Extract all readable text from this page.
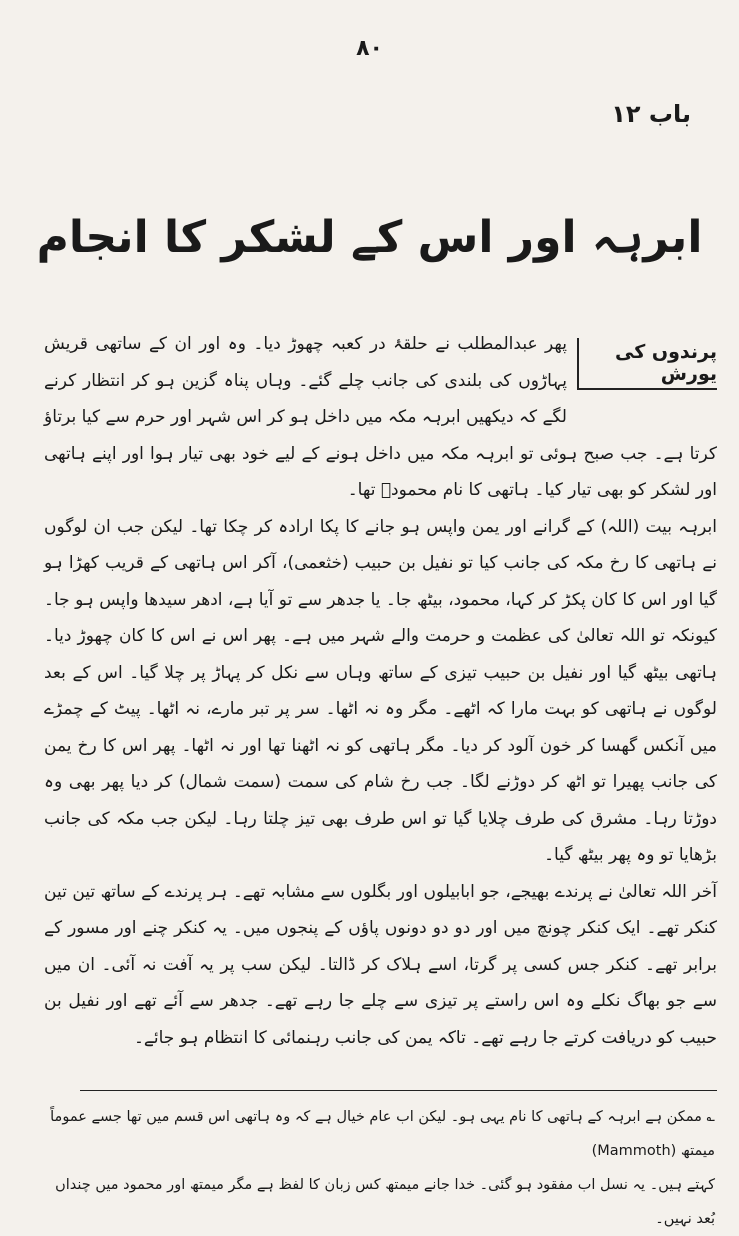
٨٠
باب ۱۲
ابرہہ اور اس کے لشکر کا انجام
پرندوں کی یورش

پھر عبدالمطلب نے حلقۂ در کعبہ چھوڑ دیا۔ وہ اور ان کے ساتھی قریش پہاڑوں کی بلندی کی جانب چلے گئے۔ وہاں پناہ گزین ہو کر انتظار کرنے لگے کہ دیکھیں ابرہہ مکہ میں داخل ہو کر اس شہر اور حرم سے کیا برتاؤ کرتا ہے۔ جب صبح ہوئی تو ابرہہ مکہ میں داخل ہونے کے لیے خود بھی تیار ہوا اور اپنے ہاتھی اور لشکر کو بھی تیار کیا۔ ہاتھی کا نام محمودؔ تھا۔

ابرہہ بیت (اللہ) کے گرانے اور یمن واپس ہو جانے کا پکا ارادہ کر چکا تھا۔ لیکن جب ان لوگوں نے ہاتھی کا رخ مکہ کی جانب کیا تو نفیل بن حبیب (خثعمی)، آکر اس ہاتھی کے قریب کھڑا ہو گیا اور اس کا کان پکڑ کر کہا، محمود، بیٹھ جا۔ یا جدھر سے تو آیا ہے، ادھر سیدھا واپس ہو جا۔ کیونکہ تو اللہ تعالیٰ کی عظمت و حرمت والے شہر میں ہے۔ پھر اس نے اس کا کان چھوڑ دیا۔ ہاتھی بیٹھ گیا اور نفیل بن حبیب تیزی کے ساتھ وہاں سے نکل کر پہاڑ پر چلا گیا۔ اس کے بعد لوگوں نے ہاتھی کو بہت مارا کہ اٹھے۔ مگر وہ نہ اٹھا۔ سر پر تبر مارے، نہ اٹھا۔ پیٹ کے چمڑے میں آنکس گھسا کر خون آلود کر دیا۔ مگر ہاتھی کو نہ اٹھنا تھا اور نہ اٹھا۔ پھر اس کا رخ یمن کی جانب پھیرا تو اٹھ کر دوڑنے لگا۔ جب رخ شام کی سمت (سمت شمال) کر دیا پھر بھی وہ دوڑتا رہا۔ مشرق کی طرف چلایا گیا تو اس طرف بھی تیز چلتا رہا۔ لیکن جب مکہ کی جانب بڑھایا تو وہ پھر بیٹھ گیا۔

آخر اللہ تعالیٰ نے پرندے بھیجے، جو ابابیلوں اور بگلوں سے مشابہ تھے۔ ہر پرندے کے ساتھ تین تین کنکر تھے۔ ایک کنکر چونچ میں اور دو دو دونوں پاؤں کے پنجوں میں۔ یہ کنکر چنے اور مسور کے برابر تھے۔ کنکر جس کسی پر گرتا، اسے ہلاک کر ڈالتا۔ لیکن سب پر یہ آفت نہ آئی۔ ان میں سے جو بھاگ نکلے وہ اس راستے پر تیزی سے چلے جا رہے تھے۔ جدھر سے آئے تھے اور نفیل بن حبیب کو دریافت کرتے جا رہے تھے۔ تاکہ یمن کی جانب رہنمائی کا انتظام ہو جائے۔

؎ ممکن ہے ابرہہ کے ہاتھی کا نام یہی ہو۔ لیکن اب عام خیال ہے کہ وہ ہاتھی اس قسم میں تھا جسے عموماً میمتھ (Mammoth)

کہتے ہیں۔ یہ نسل اب مفقود ہو گئی۔ خدا جانے میمتھ کس زبان کا لفظ ہے مگر میمتھ اور محمود میں چنداں بُعد نہیں۔
